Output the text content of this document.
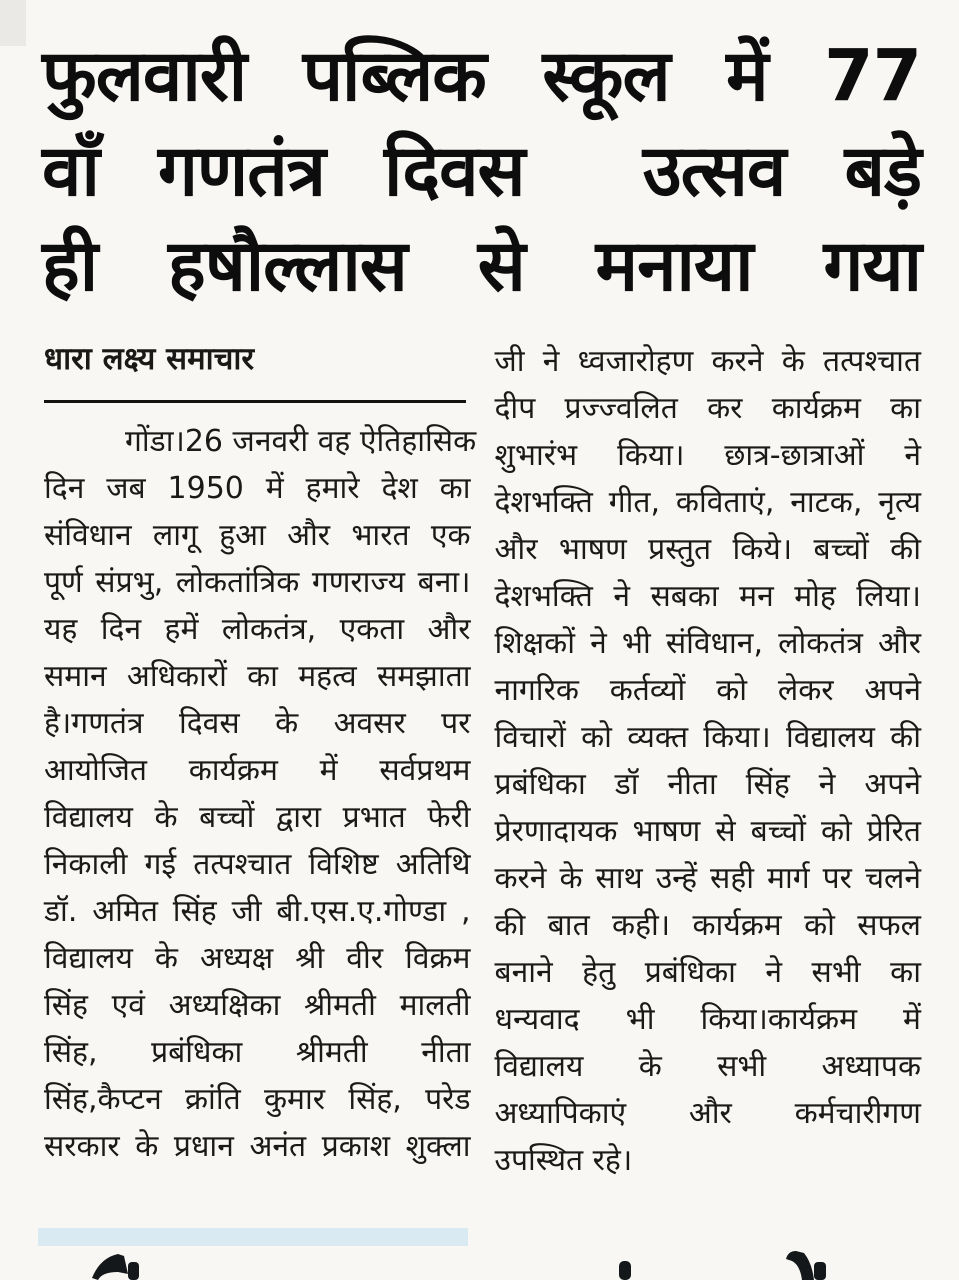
फुलवारी पब्लिक स्कूल में 77
वाँ गणतंत्र दिवस  उत्सव बड़े
ही हषौल्लास से मनाया गया
धारा लक्ष्य समाचार
गोंडा।26 जनवरी वह ऐतिहासिक
दिन जब 1950 में हमारे देश का
संविधान लागू हुआ और भारत एक
पूर्ण संप्रभु, लोकतांत्रिक गणराज्य बना।
यह दिन हमें लोकतंत्र, एकता और
समान अधिकारों का महत्व समझाता
है।गणतंत्र दिवस के अवसर पर
आयोजित कार्यक्रम में सर्वप्रथम
विद्यालय के बच्चों द्वारा प्रभात फेरी
निकाली गई तत्पश्चात विशिष्ट अतिथि
डॉ. अमित सिंह जी बी.एस.ए.गोण्डा ,
विद्यालय के अध्यक्ष श्री वीर विक्रम
सिंह एवं अध्यक्षिका श्रीमती मालती
सिंह, प्रबंधिका श्रीमती नीता
सिंह,कैप्टन क्रांति कुमार सिंह, परेड
सरकार के प्रधान अनंत प्रकाश शुक्ला
जी ने ध्वजारोहण करने के तत्पश्चात
दीप प्रज्ज्वलित कर कार्यक्रम का
शुभारंभ किया। छात्र-छात्राओं ने
देशभक्ति गीत, कविताएं, नाटक, नृत्य
और भाषण प्रस्तुत किये। बच्चों की
देशभक्ति ने सबका मन मोह लिया।
शिक्षकों ने भी संविधान, लोकतंत्र और
नागरिक कर्तव्यों को लेकर अपने
विचारों को व्यक्त किया। विद्यालय की
प्रबंधिका डॉ नीता सिंह ने अपने
प्रेरणादायक भाषण से बच्चों को प्रेरित
करने के साथ उन्हें सही मार्ग पर चलने
की बात कही। कार्यक्रम को सफल
बनाने हेतु प्रबंधिका ने सभी का
धन्यवाद भी किया।कार्यक्रम में
विद्यालय के सभी अध्यापक
अध्यापिकाएं और कर्मचारीगण
उपस्थित रहे।
